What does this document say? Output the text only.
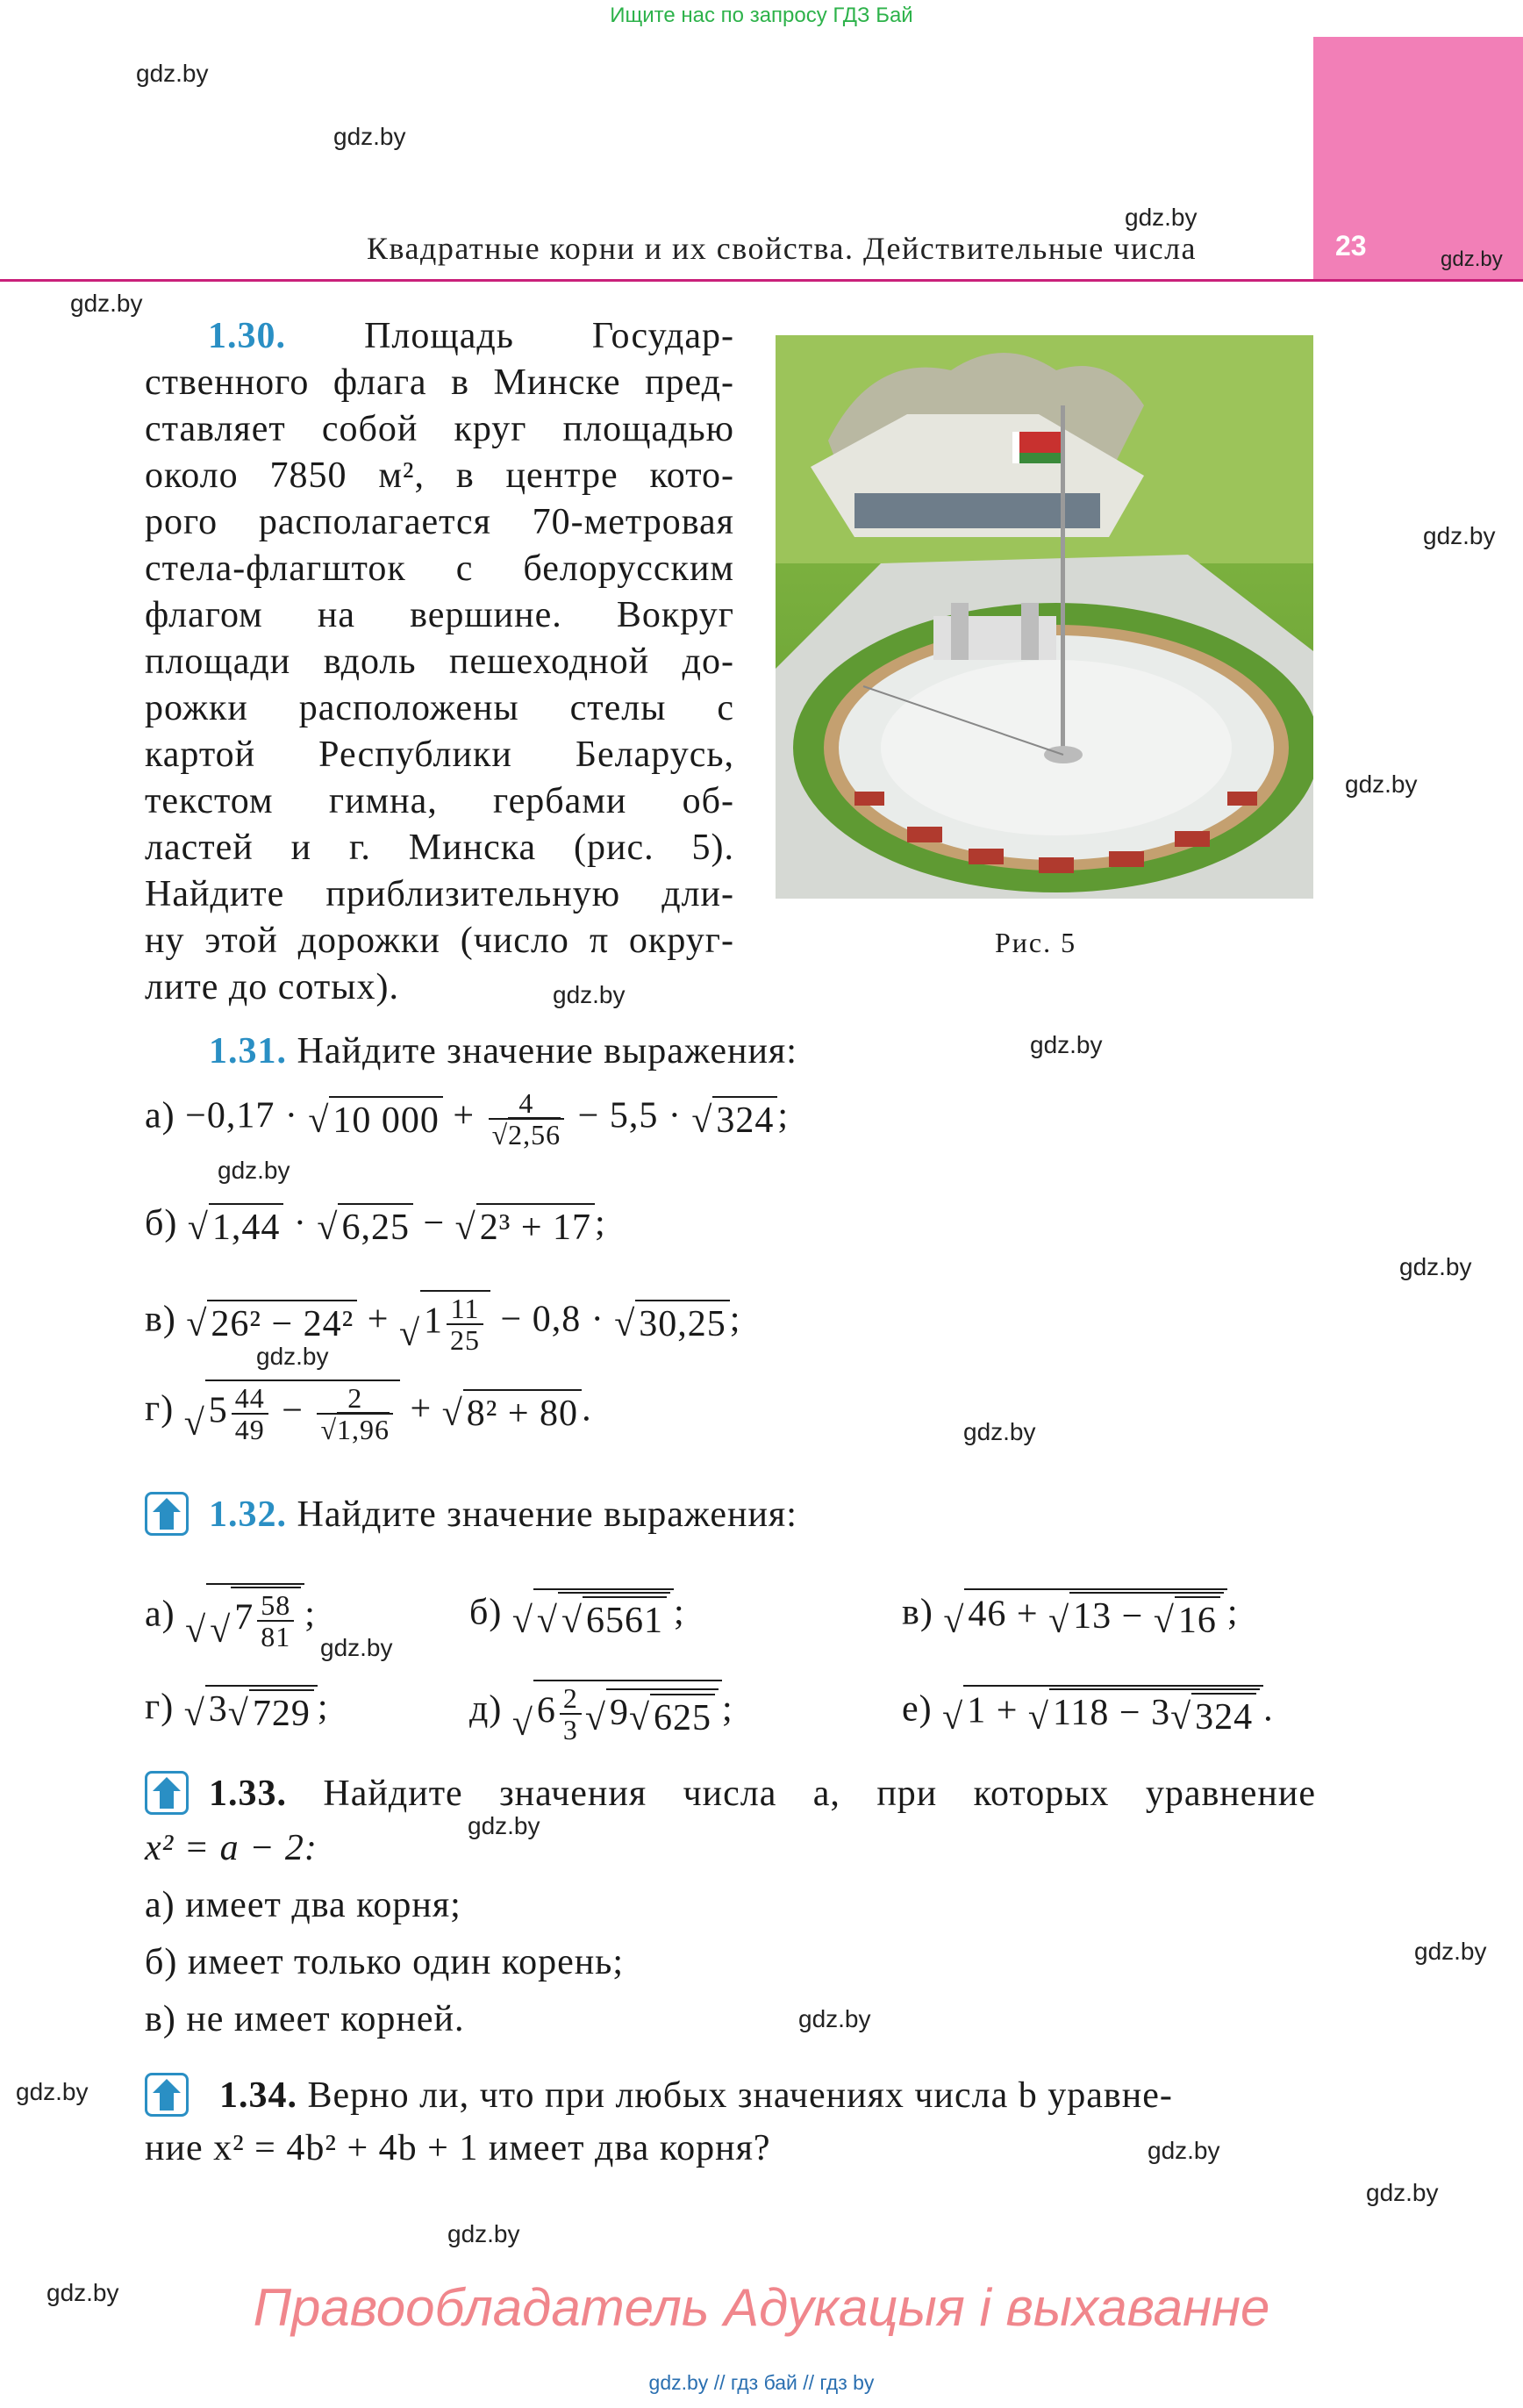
Ищите нас по запросу ГДЗ Бай
23
Квадратные корни и их свойства. Действительные числа
gdz.by
gdz.by
gdz.by
gdz.by
gdz.by
gdz.by
gdz.by
gdz.by
gdz.by
gdz.by
gdz.by
gdz.by
gdz.by
gdz.by
gdz.by
gdz.by
gdz.by
gdz.by
gdz.by
gdz.by
gdz.by
gdz.by
1.30. Площадь Государ-
ственного флага в Минске пред-
ставляет собой круг площадью
около 7850 м², в центре кото-
рого располагается 70-метровая
стела-флагшток с белорусским
флагом на вершине. Вокруг
площади вдоль пешеходной до-
рожки расположены стелы с
картой Республики Беларусь,
текстом гимна, гербами об-
ластей и г. Минска (рис. 5).
Найдите приблизительную дли-
ну этой дорожки (число π округ-
лите до сотых).
Рис. 5
1.31. Найдите значение выражения:
а) −0,17 · √10 $000 + \frac{4}{√2,56} - 5,5 \cdot √324$;
б) √1,44 · √6,25 − √2³ + 17;
в) $√26^2 - 24^2 + √1 \frac{11}{25} - 0,8 \cdot √30,25$;
г) $√5 \frac{44}{49} - \frac{2}{√1,96} + √8^2 + 80$.
1.32. Найдите значение выражения:
а) $√√7 \frac{58}{81}$ ;	б) √√√6561 ;	в) √46 + √13 − √16 ;
г) √3√729 ;	д) $√6 \frac{2}{3} √9√625$ ;	е) √1 + √118 − 3√324 .
1.33. Найдите значения числа a, при которых уравнение
x² = a − 2:
а) имеет два корня;
б) имеет только один корень;
в) не имеет корней.
1.34. Верно ли, что при любых значениях числа b уравне-
ние x² = 4b² + 4b + 1 имеет два корня?
Правообладатель Адукацыя і выхаванне
gdz.by // гдз бай // гдз by
